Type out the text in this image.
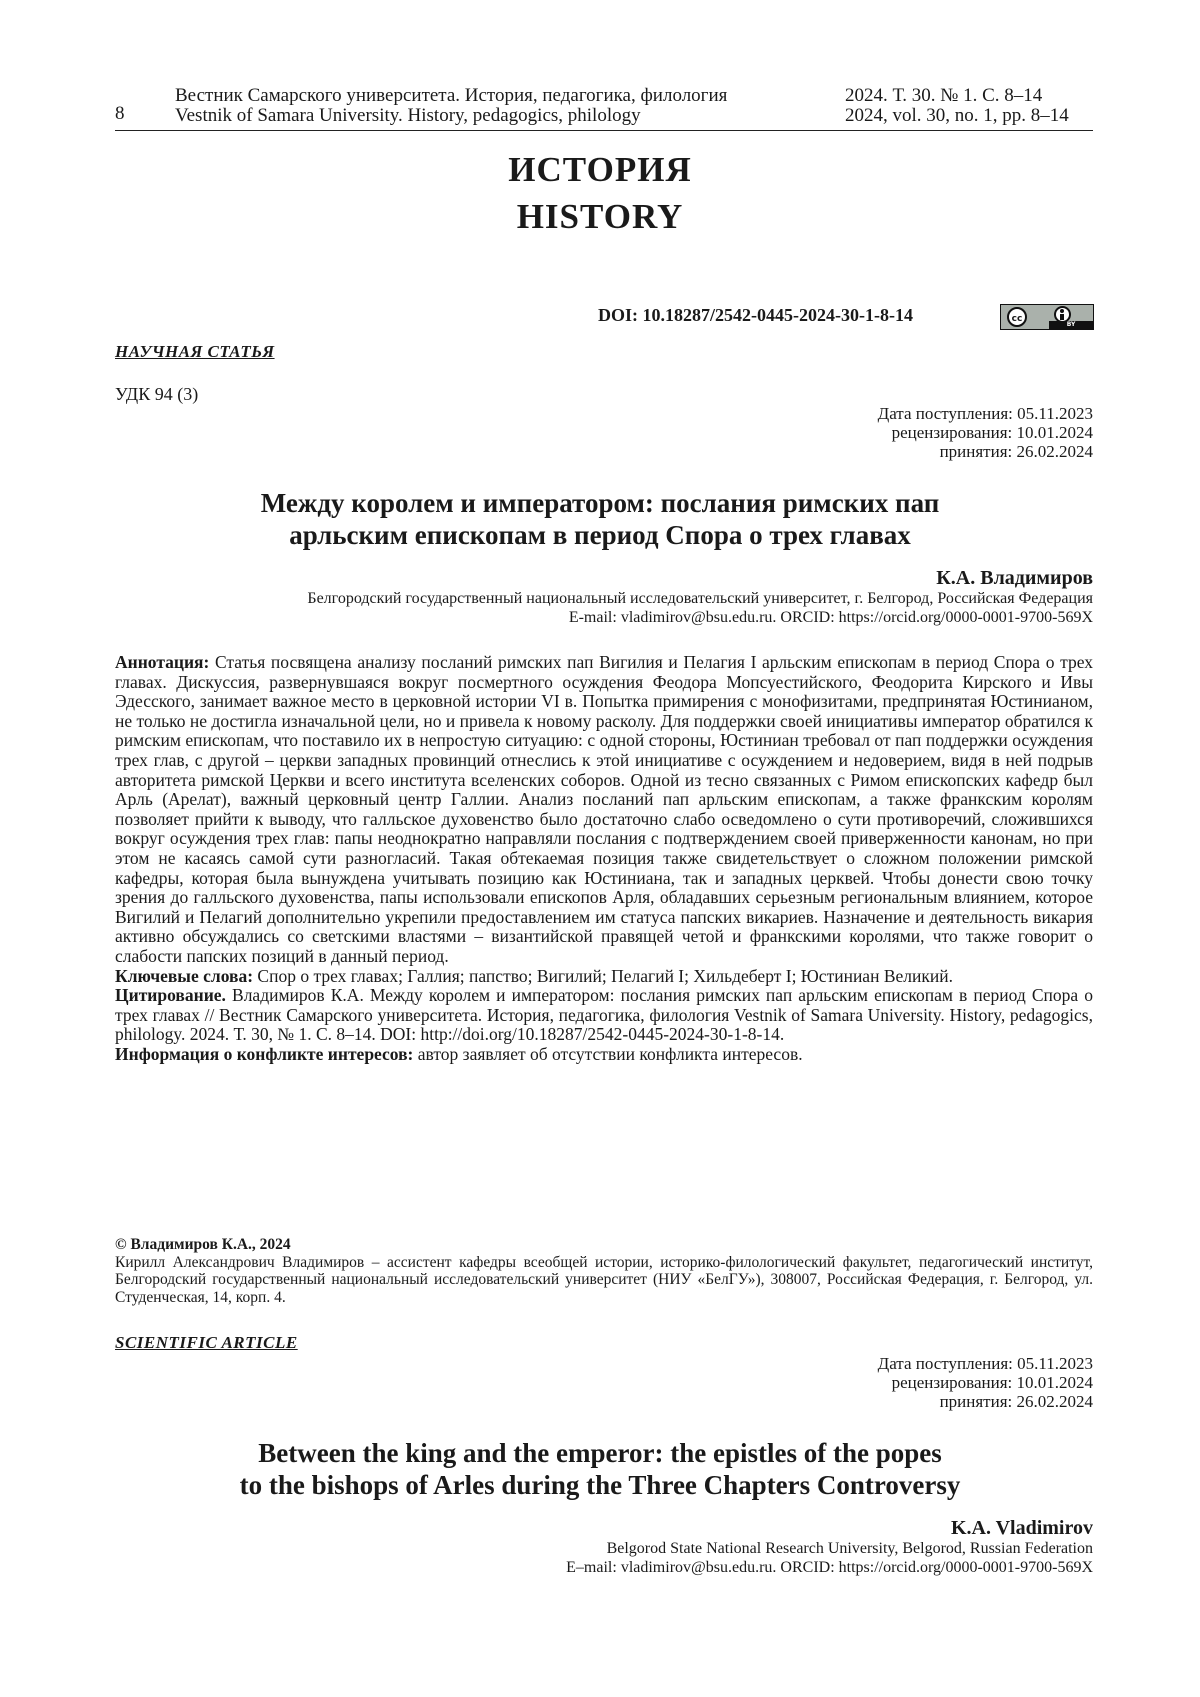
8
Вестник Самарского университета. История, педагогика, филология
Vestnik of Samara University. History, pedagogics, philology
2024. Т. 30. № 1. С. 8–14
2024, vol. 30, no. 1, pp. 8–14
ИСТОРИЯ
HISTORY
DOI: 10.18287/2542-0445-2024-30-1-8-14	cc
BY
НАУЧНАЯ СТАТЬЯ
УДК 94 (3)
Дата поступления: 05.11.2023
рецензирования: 10.01.2024
принятия: 26.02.2024
Между королем и императором: послания римских пап
арльским епископам в период Спора о трех главах
К.А. Владимиров
Белгородский государственный национальный исследовательский университет, г. Белгород, Российская Федерация
E-mail: vladimirov@bsu.edu.ru. ORCID: https://orcid.org/0000-0001-9700-569X

Аннотация: Статья посвящена анализу посланий римских пап Вигилия и Пелагия I арльским епископам в период Спора о трех главах. Дискуссия, развернувшаяся вокруг посмертного осуждения Феодора Мопсуестийского, Феодорита Кирского и Ивы Эдесского, занимает важное место в церковной истории VI в. Попытка примирения с монофизитами, предпринятая Юстинианом, не только не достигла изначальной цели, но и привела к новому расколу. Для поддержки своей инициативы император обратился к римским епископам, что поставило их в непростую ситуацию: с одной стороны, Юстиниан требовал от пап поддержки осуждения трех глав, с другой – церкви западных провинций отнеслись к этой инициативе с осуждением и недоверием, видя в ней подрыв авторитета римской Церкви и всего института вселенских соборов. Одной из тесно связанных с Римом епископских кафедр был Арль (Арелат), важный церковный центр Галлии. Анализ посланий пап арльским епископам, а также франкским королям позволяет прийти к выводу, что галльское духовенство было достаточно слабо осведомлено о сути противоречий, сложившихся вокруг осуждения трех глав: папы неоднократно направляли послания с подтверждением своей приверженности канонам, но при этом не касаясь самой сути разногласий. Такая обтекаемая позиция также свидетельствует о сложном положении римской кафедры, которая была вынуждена учитывать позицию как Юстиниана, так и западных церквей. Чтобы донести свою точку зрения до галльского духовенства, папы использовали епископов Арля, обладавших серьезным региональным влиянием, которое Вигилий и Пелагий дополнительно укрепили предоставлением им статуса папских викариев. Назначение и деятельность викария активно обсуждались со светскими властями – византийской правящей четой и франкскими королями, что также говорит о слабости папских позиций в данный период.

Ключевые слова: Спор о трех главах; Галлия; папство; Вигилий; Пелагий I; Хильдеберт I; Юстиниан Великий.

Цитирование. Владимиров К.А. Между королем и императором: послания римских пап арльским епископам в период Спора о трех главах // Вестник Самарского университета. История, педагогика, филология Vestnik of Samara University. History, pedagogics, philology. 2024. Т. 30, № 1. С. 8–14. DOI: http://doi.org/10.18287/2542-0445-2024-30-1-8-14.

Информация о конфликте интересов: автор заявляет об отсутствии конфликта интересов.

© Владимиров К.А., 2024

Кирилл Александрович Владимиров – ассистент кафедры всеобщей истории, историко-филологический факультет, педагогический институт, Белгородский государственный национальный исследовательский университет (НИУ «БелГУ»), 308007, Российская Федерация, г. Белгород, ул. Студенческая, 14, корп. 4.

SCIENTIFIC ARTICLE
Дата поступления: 05.11.2023
рецензирования: 10.01.2024
принятия: 26.02.2024
Between the king and the emperor: the epistles of the popes
to the bishops of Arles during the Three Chapters Controversy
K.A. Vladimirov
Belgorod State National Research University, Belgorod, Russian Federation
E–mail: vladimirov@bsu.edu.ru. ORCID: https://orcid.org/0000-0001-9700-569X
